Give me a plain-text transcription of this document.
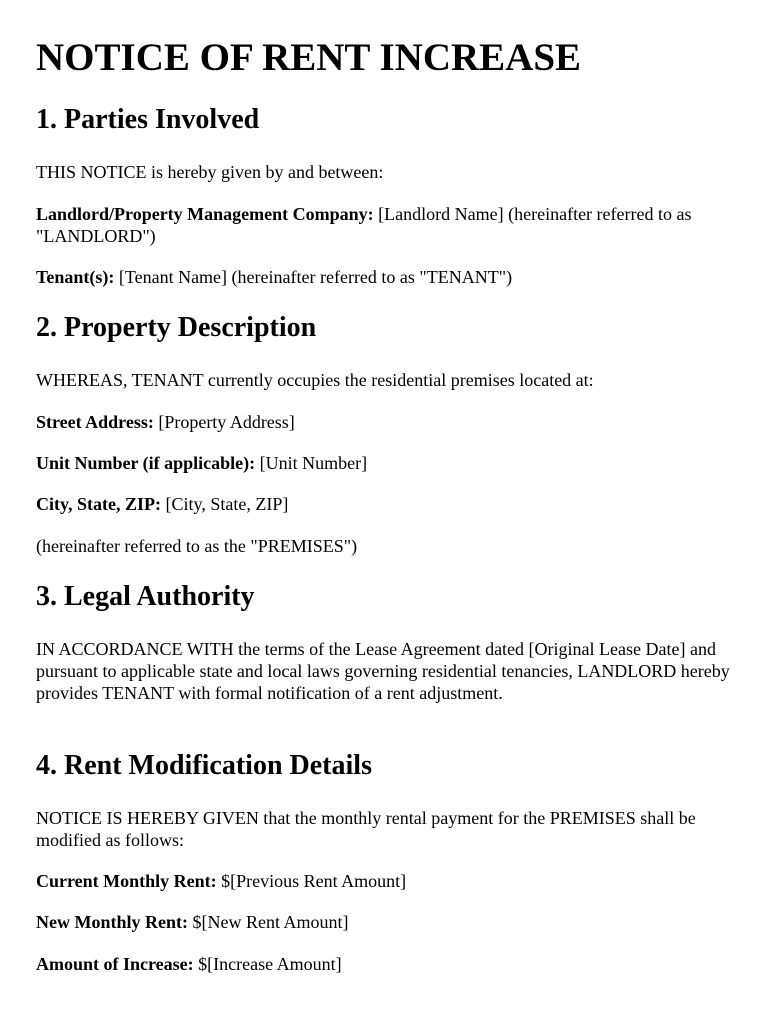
NOTICE OF RENT INCREASE
1. Parties Involved

THIS NOTICE is hereby given by and between:

Landlord/Property Management Company: [Landlord Name] (hereinafter referred to as "LANDLORD")

Tenant(s): [Tenant Name] (hereinafter referred to as "TENANT")

2. Property Description

WHEREAS, TENANT currently occupies the residential premises located at:

Street Address: [Property Address]

Unit Number (if applicable): [Unit Number]

City, State, ZIP: [City, State, ZIP]

(hereinafter referred to as the "PREMISES")

3. Legal Authority

IN ACCORDANCE WITH the terms of the Lease Agreement dated [Original Lease Date] and pursuant to applicable state and local laws governing residential tenancies, LANDLORD hereby provides TENANT with formal notification of a rent adjustment.

4. Rent Modification Details

NOTICE IS HEREBY GIVEN that the monthly rental payment for the PREMISES shall be modified as follows:

Current Monthly Rent: $[Previous Rent Amount]

New Monthly Rent: $[New Rent Amount]

Amount of Increase: $[Increase Amount]
